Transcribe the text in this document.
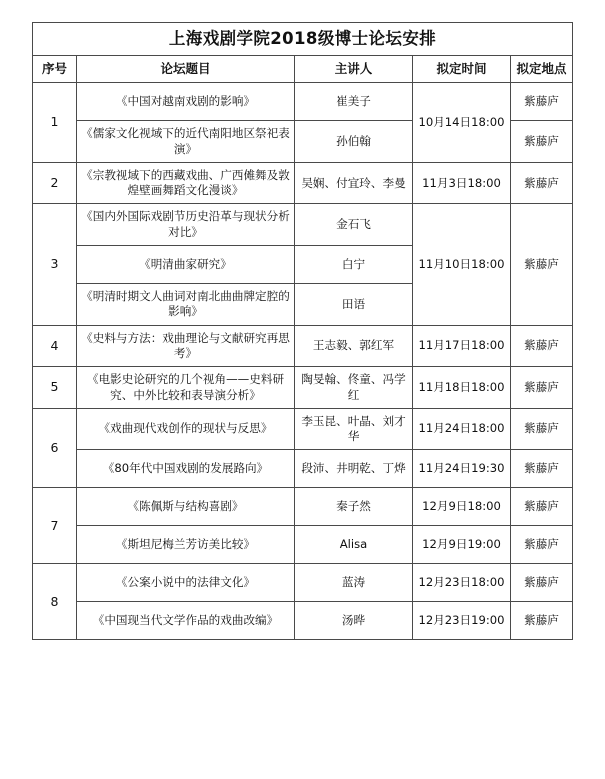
上海戏剧学院2018级博士论坛安排				
序号	论坛题目	主讲人	拟定时间	拟定地点
1	《中国对越南戏剧的影响》	崔美子	10月14日18:00	紫藤庐
	《儒家文化视域下的近代南阳地区祭祀表演》	孙伯翰		紫藤庐
2	《宗教视域下的西藏戏曲、广西傩舞及敦煌壁画舞蹈文化漫谈》	吴娴、付宜玲、李曼	11月3日18:00	紫藤庐
3	《国内外国际戏剧节历史沿革与现状分析对比》	金石飞	11月10日18:00	紫藤庐
	《明清曲家研究》	白宁		
	《明清时期文人曲词对南北曲曲牌定腔的影响》	田语		
4	《史料与方法：戏曲理论与文献研究再思考》	王志毅、郭红军	11月17日18:00	紫藤庐
5	《电影史论研究的几个视角——史料研究、中外比较和表导演分析》	陶旻翰、佟童、冯学红	11月18日18:00	紫藤庐
6	《戏曲现代戏创作的现状与反思》	李玉昆、叶晶、刘才华	11月24日18:00	紫藤庐
	《80年代中国戏剧的发展路向》	段沛、井明乾、丁烨	11月24日19:30	紫藤庐
7	《陈佩斯与结构喜剧》	秦子然	12月9日18:00	紫藤庐
	《斯坦尼梅兰芳访美比较》	Alisa	12月9日19:00	紫藤庐
8	《公案小说中的法律文化》	蓝涛	12月23日18:00	紫藤庐
	《中国现当代文学作品的戏曲改编》	汤晔	12月23日19:00	紫藤庐
